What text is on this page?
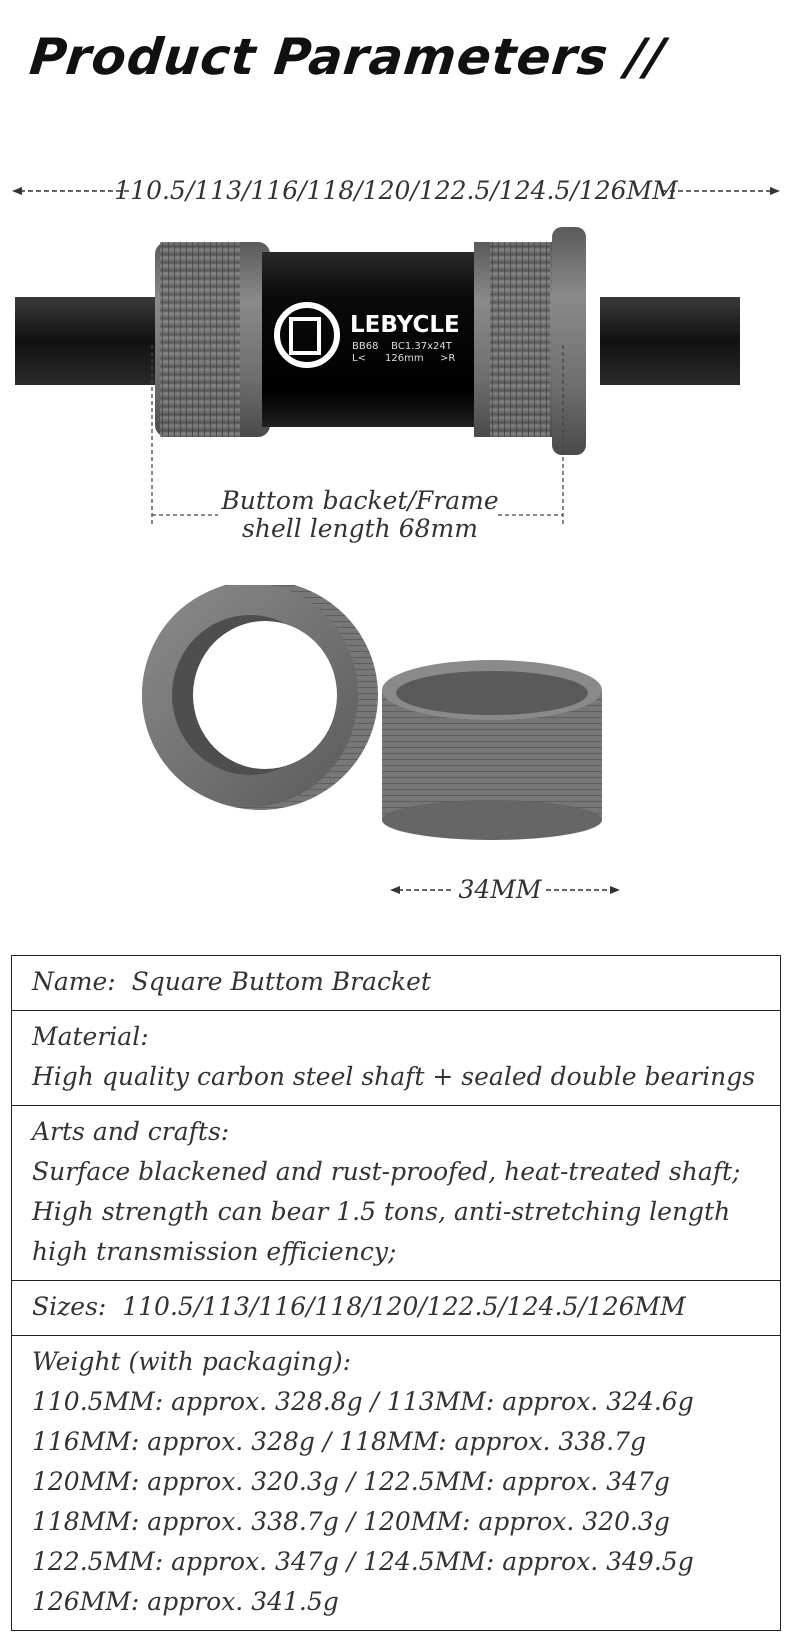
Product Parameters //
110.5/113/116/118/120/122.5/124.5/126MM
LEBYCLE
BB68    BC1.37x24T
L< 126mm >R
Buttom backet/Frame
shell length 68mm
34MM
Name: Square Buttom Bracket
Material:
High quality carbon steel shaft + sealed double bearings
Arts and crafts:
Surface blackened and rust-proofed, heat-treated shaft;
High strength can bear 1.5 tons, anti-stretching length
high transmission efficiency;
Sizes: 110.5/113/116/118/120/122.5/124.5/126MM
Weight (with packaging):
110.5MM: approx. 328.8g / 113MM: approx. 324.6g
116MM: approx. 328g / 118MM: approx. 338.7g
120MM: approx. 320.3g / 122.5MM: approx. 347g
118MM: approx. 338.7g / 120MM: approx. 320.3g
122.5MM: approx. 347g / 124.5MM: approx. 349.5g
126MM: approx. 341.5g
